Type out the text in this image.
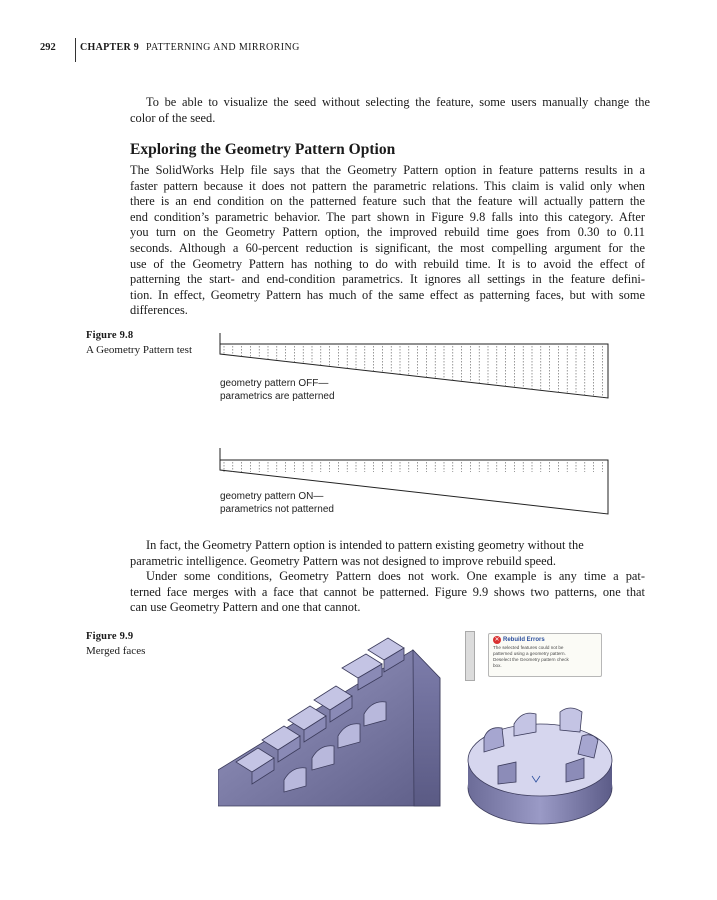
292 CHAPTER 9 PATTERNING AND MIRRORING
To be able to visualize the seed without selecting the feature, some users manually change the
color of the seed.
Exploring the Geometry Pattern Option
The SolidWorks Help file says that the Geometry Pattern option in feature patterns results in a
faster pattern because it does not pattern the parametric relations. This claim is valid only when
there is an end condition on the patterned feature such that the feature will actually pattern the
end condition’s parametric behavior. The part shown in Figure 9.8 falls into this category. After
you turn on the Geometry Pattern option, the improved rebuild time goes from 0.30 to 0.11
seconds. Although a 60-percent reduction is significant, the most compelling argument for the
use of the Geometry Pattern has nothing to do with rebuild time. It is to avoid the effect of
patterning the start- and end-condition parametrics. It ignores all settings in the feature defini-
tion. In effect, Geometry Pattern has much of the same effect as patterning faces, but with some
differences.
Figure 9.8
A Geometry Pattern test
geometry pattern OFF—
parametrics are patterned
geometry pattern ON—
parametrics not patterned
In fact, the Geometry Pattern option is intended to pattern existing geometry without the
parametric intelligence. Geometry Pattern was not designed to improve rebuild speed.
Under some conditions, Geometry Pattern does not work. One example is any time a pat-
terned face merges with a face that cannot be patterned. Figure 9.9 shows two patterns, one that
can use Geometry Pattern and one that cannot.
Figure 9.9
Merged faces
✕ Rebuild Errors
The selected features could not be
patterned using a geometry pattern.
Deselect the Geometry pattern check
box.
